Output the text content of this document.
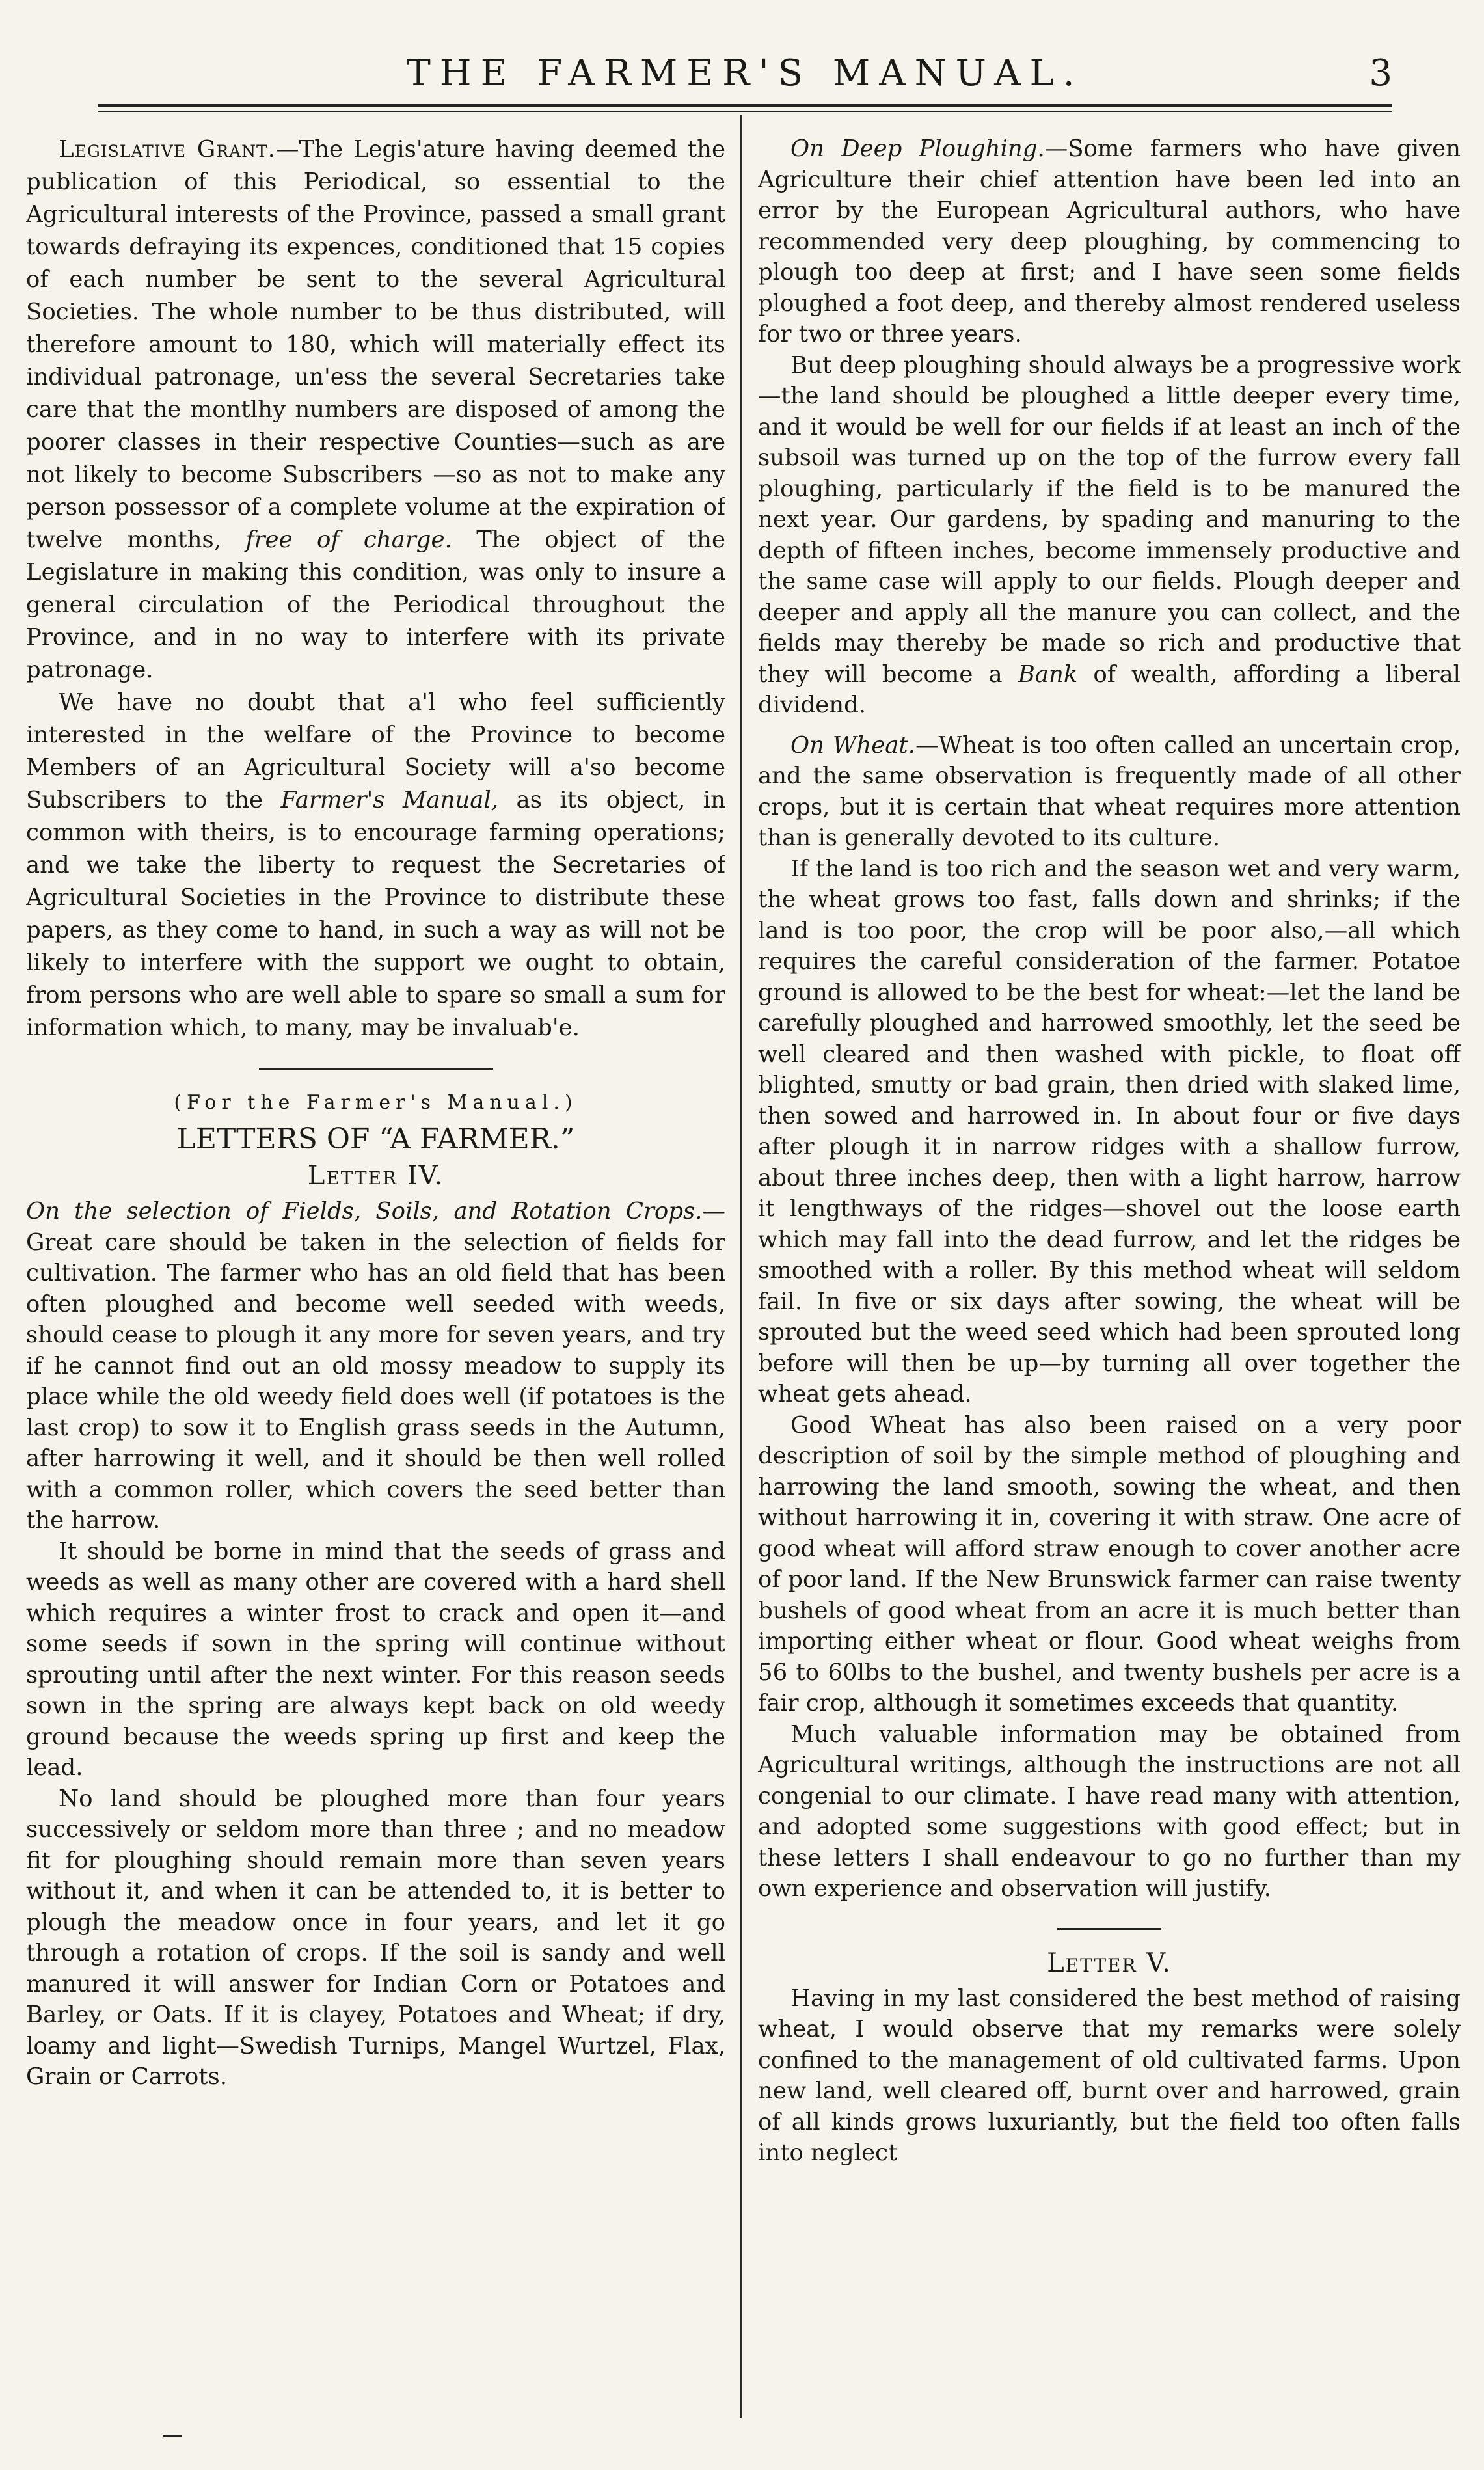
THE FARMER'S MANUAL.	3

Legislative Grant.—The Legis'ature having deemed the publication of this Periodical, so essential to the Agricultural interests of the Province, passed a small grant towards defraying its expences, conditioned that 15 copies of each number be sent to the several Agricultural Societies. The whole number to be thus distributed, will therefore amount to 180, which will materially effect its individual patronage, un'ess the several Secretaries take care that the montlhy numbers are disposed of among the poorer classes in their respective Counties—such as are not likely to become Subscribers —so as not to make any person possessor of a complete volume at the expiration of twelve months, free of charge. The object of the Legislature in making this condition, was only to insure a general circulation of the Periodical throughout the Province, and in no way to interfere with its private patronage.

We have no doubt that a'l who feel sufficiently interested in the welfare of the Province to become Members of an Agricultural Society will a'so become Subscribers to the Farmer's Manual, as its object, in common with theirs, is to encourage farming operations; and we take the liberty to request the Secretaries of Agricultural Societies in the Province to distribute these papers, as they come to hand, in such a way as will not be likely to interfere with the support we ought to obtain, from persons who are well able to spare so small a sum for information which, to many, may be invaluab'e.

(For the Farmer's Manual.)
LETTERS OF “A FARMER.”
Letter IV.

On the selection of Fields, Soils, and Rotation Crops.—Great care should be taken in the selection of fields for cultivation. The farmer who has an old field that has been often ploughed and become well seeded with weeds, should cease to plough it any more for seven years, and try if he cannot find out an old mossy meadow to supply its place while the old weedy field does well (if potatoes is the last crop) to sow it to English grass seeds in the Autumn, after harrowing it well, and it should be then well rolled with a common roller, which covers the seed better than the harrow.

It should be borne in mind that the seeds of grass and weeds as well as many other are covered with a hard shell which requires a winter frost to crack and open it—and some seeds if sown in the spring will continue without sprouting until after the next winter. For this reason seeds sown in the spring are always kept back on old weedy ground because the weeds spring up first and keep the lead.

No land should be ploughed more than four years successively or seldom more than three ; and no meadow fit for ploughing should remain more than seven years without it, and when it can be attended to, it is better to plough the meadow once in four years, and let it go through a rotation of crops. If the soil is sandy and well manured it will answer for Indian Corn or Potatoes and Barley, or Oats. If it is clayey, Potatoes and Wheat; if dry, loamy and light—Swedish Turnips, Mangel Wurtzel, Flax, Grain or Carrots.

On Deep Ploughing.—Some farmers who have given Agriculture their chief attention have been led into an error by the European Agricultural authors, who have recommended very deep ploughing, by commencing to plough too deep at first; and I have seen some fields ploughed a foot deep, and thereby almost rendered useless for two or three years.

But deep ploughing should always be a progressive work—the land should be ploughed a little deeper every time, and it would be well for our fields if at least an inch of the subsoil was turned up on the top of the furrow every fall ploughing, particularly if the field is to be manured the next year. Our gardens, by spading and manuring to the depth of fifteen inches, become immensely productive and the same case will apply to our fields. Plough deeper and deeper and apply all the manure you can collect, and the fields may thereby be made so rich and productive that they will become a Bank of wealth, affording a liberal dividend.

On Wheat.—Wheat is too often called an uncertain crop, and the same observation is frequently made of all other crops, but it is certain that wheat requires more attention than is generally devoted to its culture.

If the land is too rich and the season wet and very warm, the wheat grows too fast, falls down and shrinks; if the land is too poor, the crop will be poor also,—all which requires the careful consideration of the farmer. Potatoe ground is allowed to be the best for wheat:—let the land be carefully ploughed and harrowed smoothly, let the seed be well cleared and then washed with pickle, to float off blighted, smutty or bad grain, then dried with slaked lime, then sowed and harrowed in. In about four or five days after plough it in narrow ridges with a shallow furrow, about three inches deep, then with a light harrow, harrow it lengthways of the ridges—shovel out the loose earth which may fall into the dead furrow, and let the ridges be smoothed with a roller. By this method wheat will seldom fail. In five or six days after sowing, the wheat will be sprouted but the weed seed which had been sprouted long before will then be up—by turning all over together the wheat gets ahead.

Good Wheat has also been raised on a very poor description of soil by the simple method of ploughing and harrowing the land smooth, sowing the wheat, and then without harrowing it in, covering it with straw. One acre of good wheat will afford straw enough to cover another acre of poor land. If the New Brunswick farmer can raise twenty bushels of good wheat from an acre it is much better than importing either wheat or flour. Good wheat weighs from 56 to 60lbs to the bushel, and twenty bushels per acre is a fair crop, although it sometimes exceeds that quantity.

Much valuable information may be obtained from Agricultural writings, although the instructions are not all congenial to our climate. I have read many with attention, and adopted some suggestions with good effect; but in these letters I shall endeavour to go no further than my own experience and observation will justify.

Letter V.

Having in my last considered the best method of raising wheat, I would observe that my remarks were solely confined to the management of old cultivated farms. Upon new land, well cleared off, burnt over and harrowed, grain of all kinds grows luxuriantly, but the field too often falls into neglect
